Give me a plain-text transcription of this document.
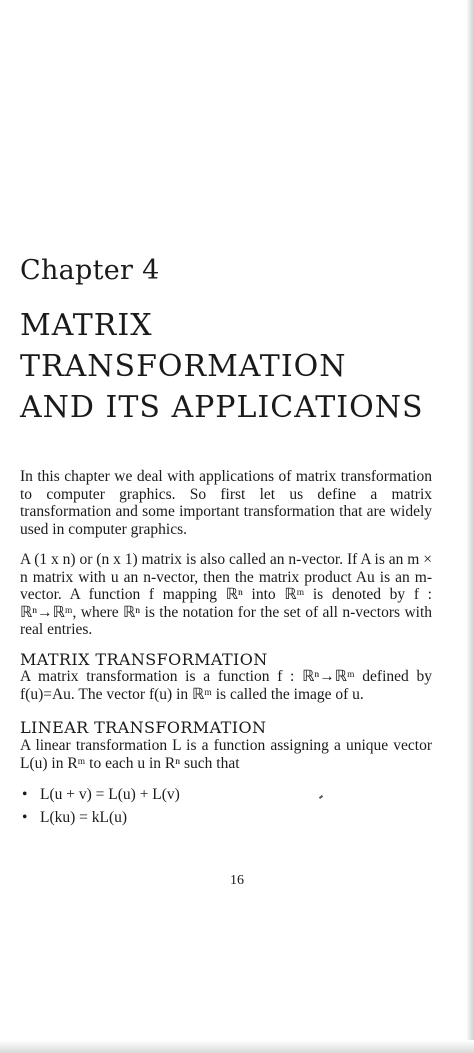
Chapter 4
MATRIX
TRANSFORMATION
AND ITS APPLICATIONS
In this chapter we deal with applications of matrix transformation to computer graphics. So first let us define a matrix transformation and some important transformation that are widely used in computer graphics.
A (1 x n) or (n x 1) matrix is also called an n-vector. If A is an m × n matrix with u an n-vector, then the matrix product Au is an m-vector. A function f mapping ℝⁿ into ℝᵐ is denoted by f : ℝⁿ→ℝᵐ, where ℝⁿ is the notation for the set of all n-vectors with real entries.
MATRIX TRANSFORMATION
A matrix transformation is a function f : ℝⁿ→ℝᵐ defined by f(u)=Au. The vector f(u) in ℝᵐ is called the image of u.
LINEAR TRANSFORMATION
A linear transformation L is a function assigning a unique vector L(u) in Rᵐ to each u in Rⁿ such that
• L(u + v) = L(u) + L(v)
• L(ku) = kL(u)
16
